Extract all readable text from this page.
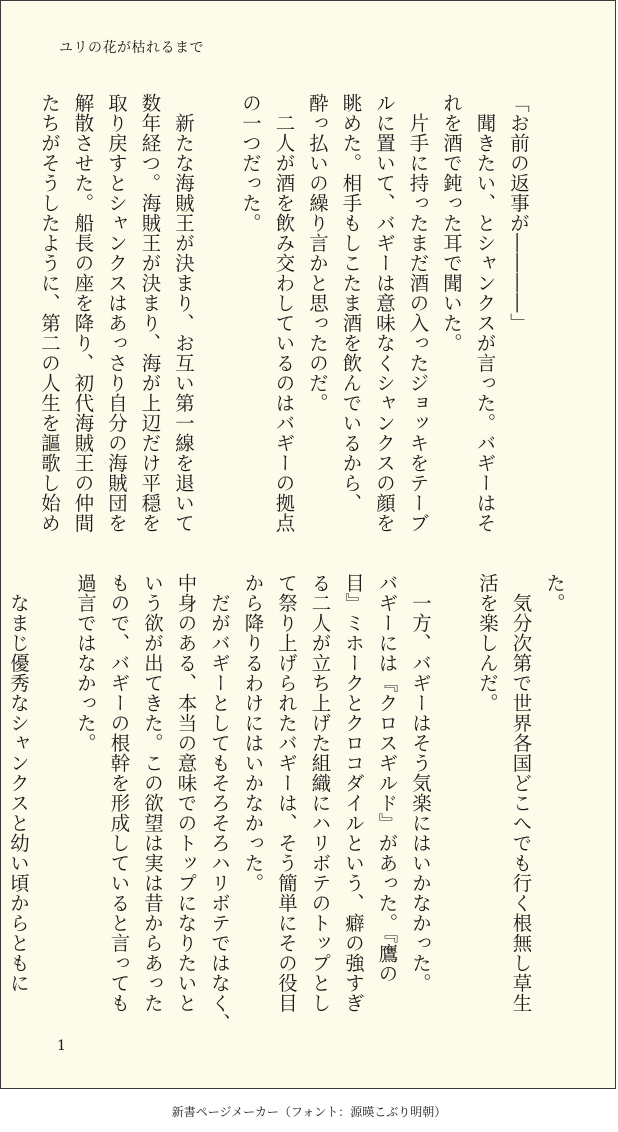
ユリの花が枯れるまで

「お前の返事が――――」

　聞きたい、とシャンクスが言った。バギーはそ

れを酒で鈍った耳で聞いた。

　片手に持ったまだ酒の入ったジョッキをテーブ

ルに置いて、バギーは意味なくシャンクスの顔を

眺めた。相手もしこたま酒を飲んでいるから、

酔っ払いの繰り言かと思ったのだ。

　二人が酒を飲み交わしているのはバギーの拠点

の一つだった。

　新たな海賊王が決まり、お互い第一線を退いて

数年経つ。海賊王が決まり、海が上辺だけ平穏を

取り戻すとシャンクスはあっさり自分の海賊団を

解散させた。船長の座を降り、初代海賊王の仲間

たちがそうしたように、第二の人生を謳歌し始め

た。

　気分次第で世界各国どこへでも行く根無し草生

活を楽しんだ。

　一方、バギーはそう気楽にはいかなかった。

バギーには『クロスギルド』があった。『鷹の

目』ミホークとクロコダイルという、癖の強すぎ

る二人が立ち上げた組織にハリボテのトップとし

て祭り上げられたバギーは、そう簡単にその役目

から降りるわけにはいかなかった。

　だがバギーとしてもそろそろハリボテではなく、

中身のある、本当の意味でのトップになりたいと

いう欲が出てきた。この欲望は実は昔からあった

もので、バギーの根幹を形成していると言っても

過言ではなかった。

　なまじ優秀なシャンクスと幼い頃からともに

1
新書ページメーカー（フォント：源暎こぶり明朝）
